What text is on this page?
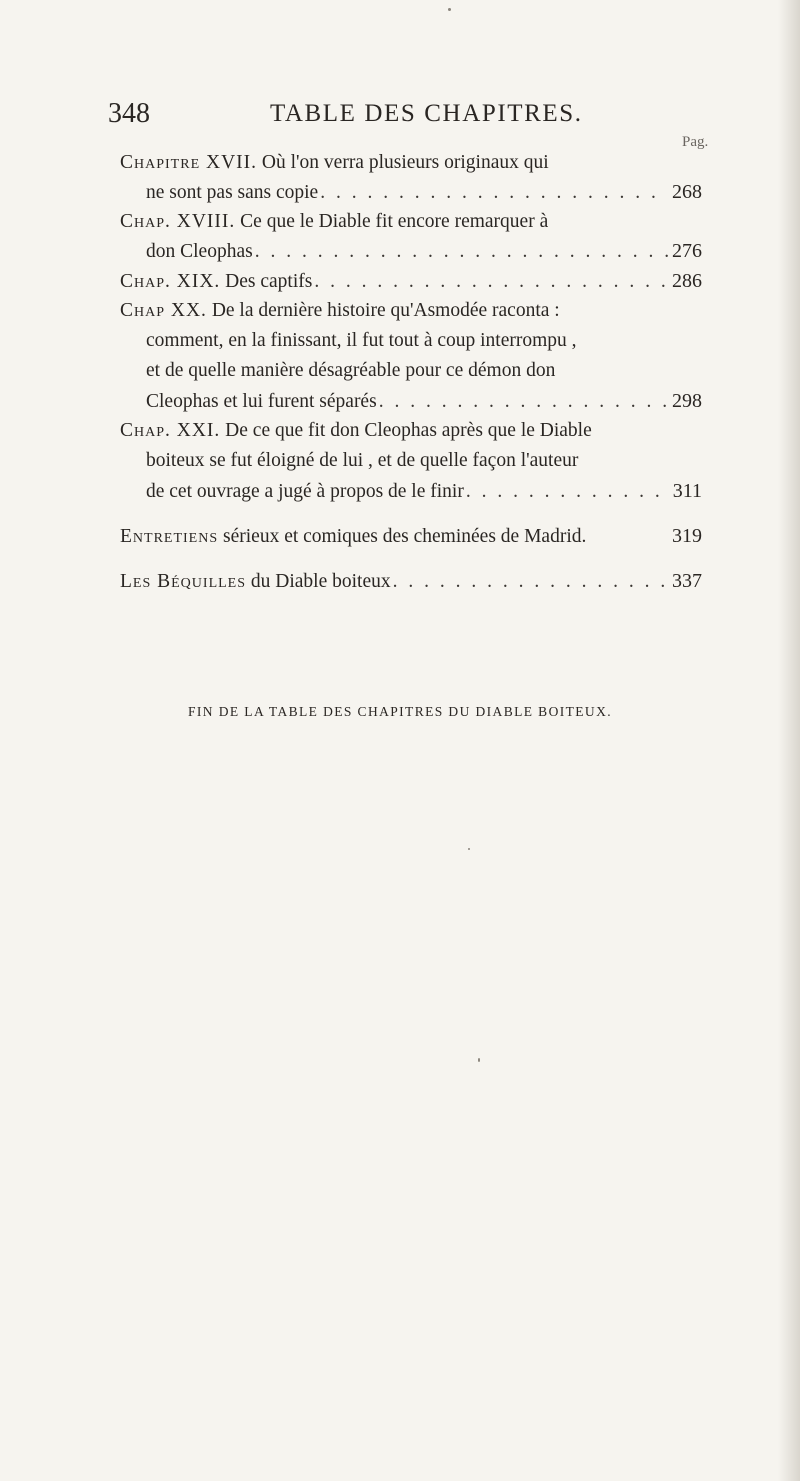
348	TABLE DES CHAPITRES.
Pag.
Chapitre XVII. Où l'on verra plusieurs originaux qui
ne sont pas sans copie . . .	268
Chap. XVIII. Ce que le Diable fit encore remarquer à
don Cleophas . . .	276
Chap. XIX. Des captifs . . .	286
Chap XX. De la dernière histoire qu'Asmodée raconta :
comment, en la finissant, il fut tout à coup interrompu ,
et de quelle manière désagréable pour ce démon don
Cleophas et lui furent séparés . . .	298
Chap. XXI. De ce que fit don Cleophas après que le Diable
boiteux se fut éloigné de lui , et de quelle façon l'auteur
de cet ouvrage a jugé à propos de le finir . . .	311
Entretiens sérieux et comiques des cheminées de Madrid.	319
Les Béquilles du Diable boiteux . . .	337
FIN DE LA TABLE DES CHAPITRES DU DIABLE BOITEUX.
